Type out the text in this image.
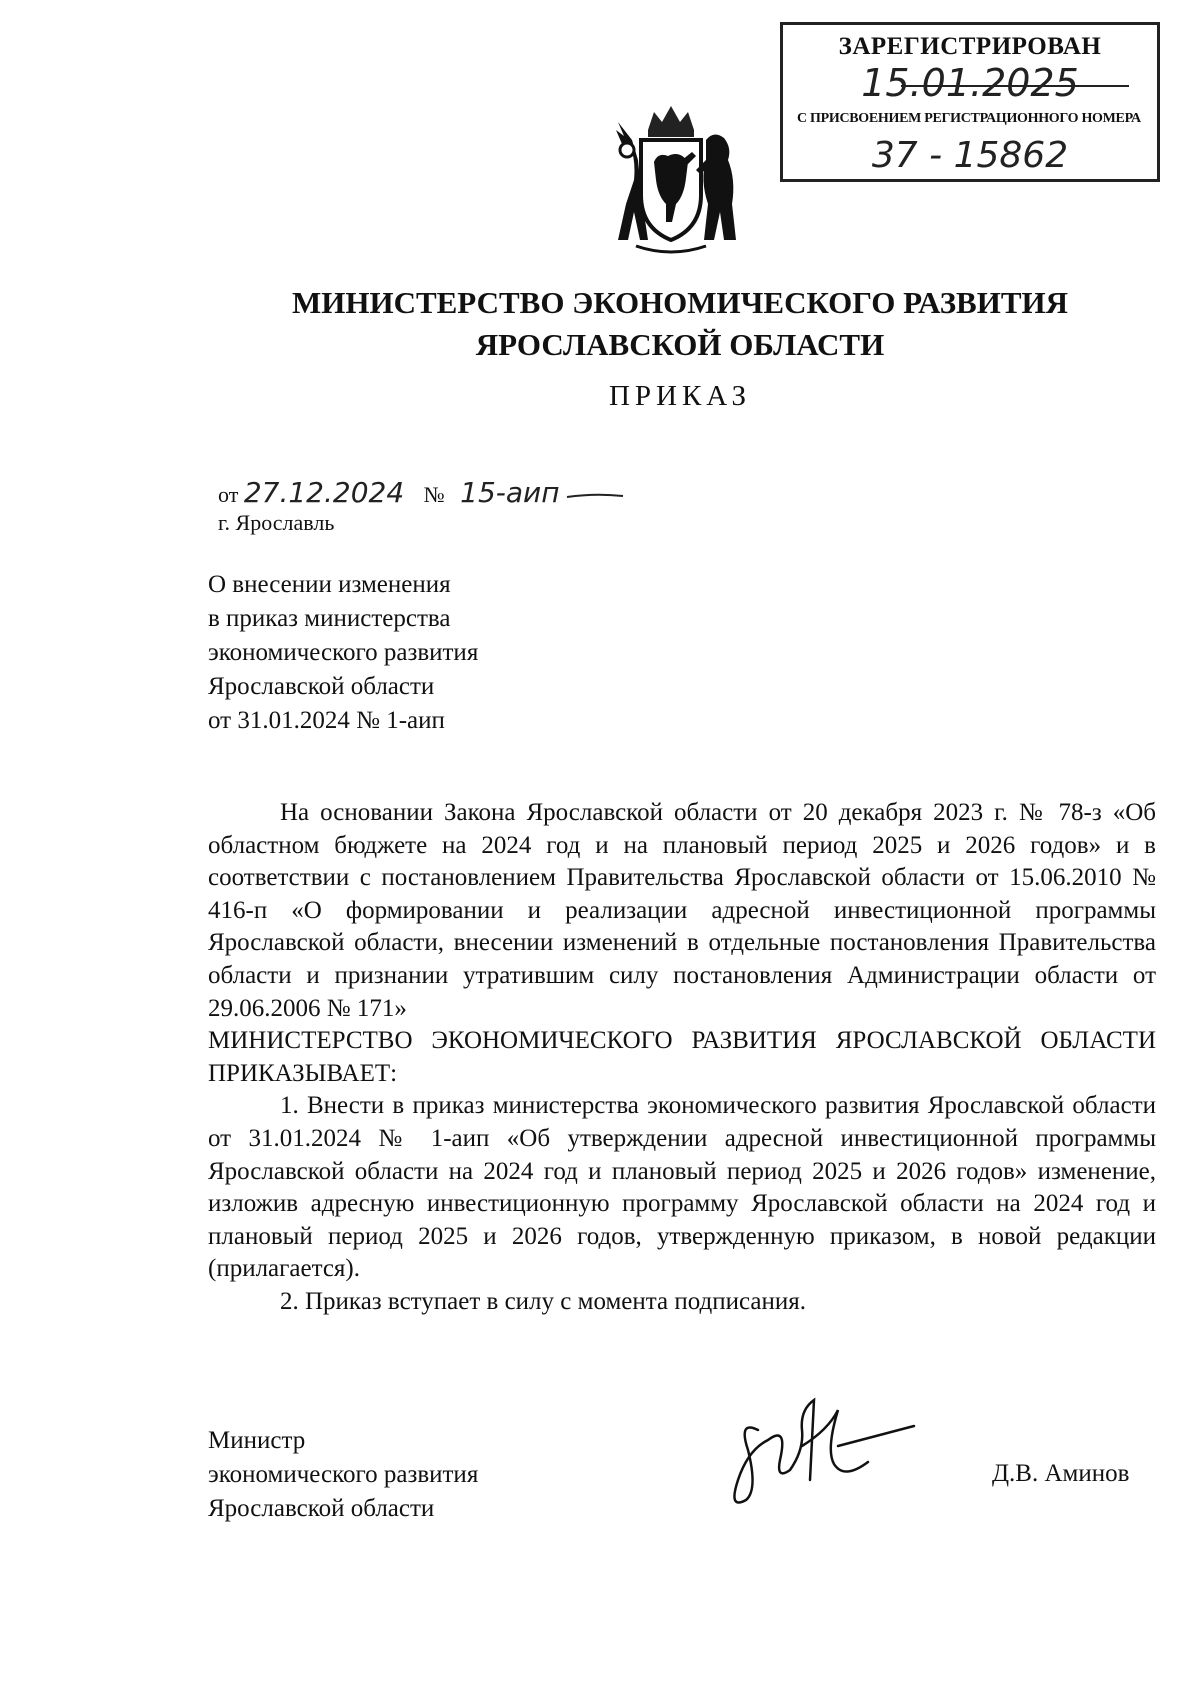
ЗАРЕГИСТРИРОВАН
15.01.2025
С ПРИСВОЕНИЕМ РЕГИСТРАЦИОННОГО НОМЕРА
37 - 15862
МИНИСТЕРСТВО ЭКОНОМИЧЕСКОГО РАЗВИТИЯ
ЯРОСЛАВСКОЙ ОБЛАСТИ
ПРИКАЗ
от 27.12.2024 № 15-аип
г. Ярославль
О внесении изменения
в приказ министерства
экономического развития
Ярославской области
от 31.01.2024 № 1-аип

На основании Закона Ярославской области от 20 декабря 2023 г. № 78-з «Об областном бюджете на 2024 год и на плановый период 2025 и 2026 годов» и в соответствии с постановлением Правительства Ярославской области от 15.06.2010 № 416-п «О формировании и реализации адресной инвестиционной программы Ярославской области, внесении изменений в отдельные постановления Правительства области и признании утратившим силу постановления Администрации области от 29.06.2006 № 171»

МИНИСТЕРСТВО ЭКОНОМИЧЕСКОГО РАЗВИТИЯ ЯРОСЛАВСКОЙ ОБЛАСТИ ПРИКАЗЫВАЕТ:

1. Внести в приказ министерства экономического развития Ярославской области от 31.01.2024 № 1-аип «Об утверждении адресной инвестиционной программы Ярославской области на 2024 год и плановый период 2025 и 2026 годов» изменение, изложив адресную инвестиционную программу Ярославской области на 2024 год и плановый период 2025 и 2026 годов, утвержденную приказом, в новой редакции (прилагается).

2. Приказ вступает в силу с момента подписания.

Министр
экономического развития
Ярославской области
Д.В. Аминов
